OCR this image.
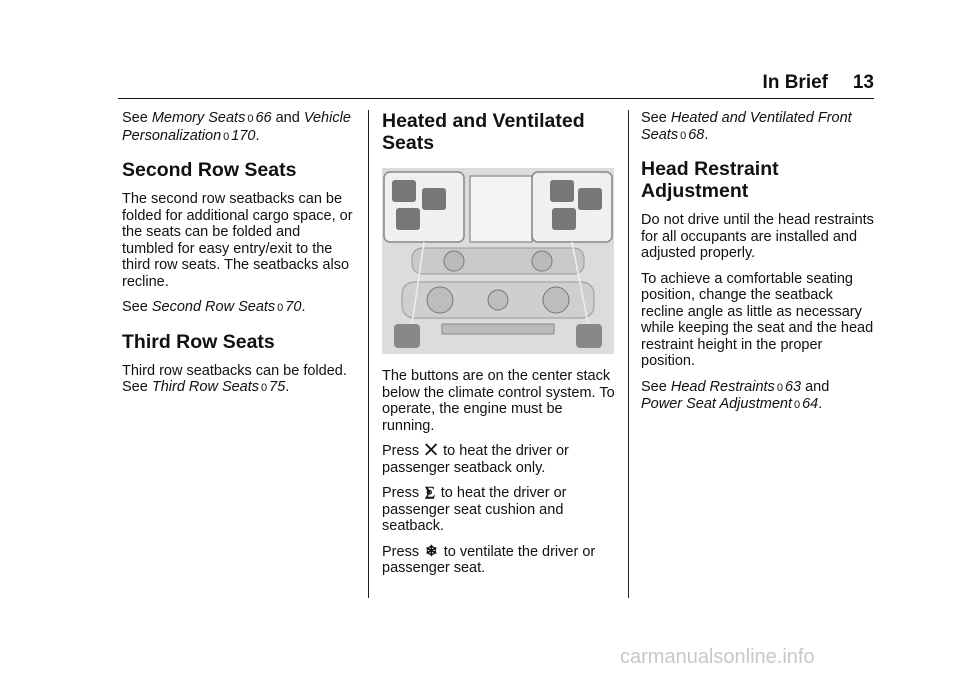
In Brief 13

See Memory Seats 0 66 and Vehicle Personalization 0 170.

Second Row Seats

The second row seatbacks can be folded for additional cargo space, or the seats can be folded and tumbled for easy entry/exit to the third row seats. The seatbacks also recline.

See Second Row Seats 0 70.

Third Row Seats

Third row seatbacks can be folded.
See Third Row Seats 0 75.

Heated and Ventilated Seats

The buttons are on the center stack below the climate control system. To operate, the engine must be running.

Press ⨉ to heat the driver or passenger seatback only.

Press ⨊ to heat the driver or passenger seat cushion and seatback.

Press ❄ to ventilate the driver or passenger seat.

See Heated and Ventilated Front Seats 0 68.

Head Restraint Adjustment

Do not drive until the head restraints for all occupants are installed and adjusted properly.

To achieve a comfortable seating position, change the seatback recline angle as little as necessary while keeping the seat and the head restraint height in the proper position.

See Head Restraints 0 63 and
Power Seat Adjustment 0 64.

carmanualsonline.info
